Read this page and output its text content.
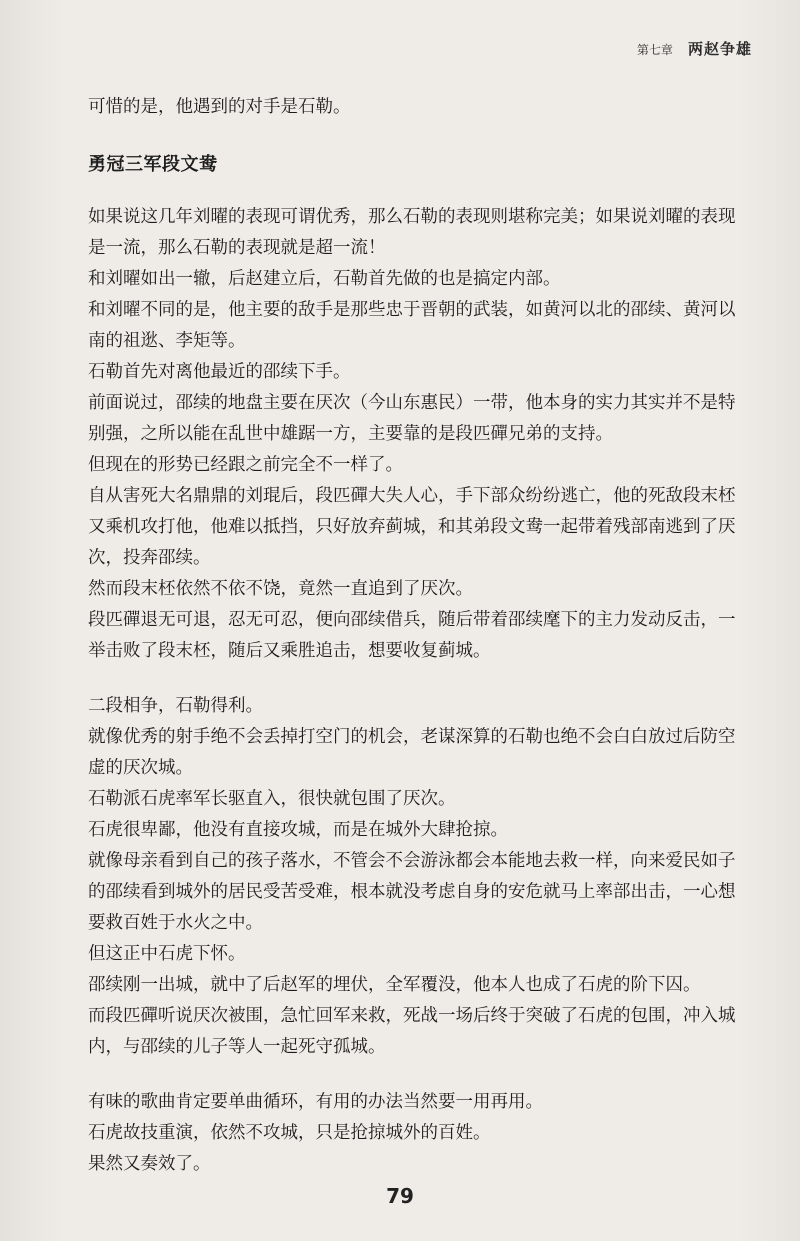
第七章 两赵争雄

可惜的是，他遇到的对手是石勒。

勇冠三军段文鸯

如果说这几年刘曜的表现可谓优秀，那么石勒的表现则堪称完美；如果说刘曜的表现是一流，那么石勒的表现就是超一流！

和刘曜如出一辙，后赵建立后，石勒首先做的也是搞定内部。

和刘曜不同的是，他主要的敌手是那些忠于晋朝的武装，如黄河以北的邵续、黄河以南的祖逖、李矩等。

石勒首先对离他最近的邵续下手。

前面说过，邵续的地盘主要在厌次（今山东惠民）一带，他本身的实力其实并不是特别强，之所以能在乱世中雄踞一方，主要靠的是段匹磾兄弟的支持。

但现在的形势已经跟之前完全不一样了。

自从害死大名鼎鼎的刘琨后，段匹磾大失人心，手下部众纷纷逃亡，他的死敌段末柸又乘机攻打他，他难以抵挡，只好放弃蓟城，和其弟段文鸯一起带着残部南逃到了厌次，投奔邵续。

然而段末柸依然不依不饶，竟然一直追到了厌次。

段匹磾退无可退，忍无可忍，便向邵续借兵，随后带着邵续麾下的主力发动反击，一举击败了段末柸，随后又乘胜追击，想要收复蓟城。

二段相争，石勒得利。

就像优秀的射手绝不会丢掉打空门的机会，老谋深算的石勒也绝不会白白放过后防空虚的厌次城。

石勒派石虎率军长驱直入，很快就包围了厌次。

石虎很卑鄙，他没有直接攻城，而是在城外大肆抢掠。

就像母亲看到自己的孩子落水，不管会不会游泳都会本能地去救一样，向来爱民如子的邵续看到城外的居民受苦受难，根本就没考虑自身的安危就马上率部出击，一心想要救百姓于水火之中。

但这正中石虎下怀。

邵续刚一出城，就中了后赵军的埋伏，全军覆没，他本人也成了石虎的阶下囚。

而段匹磾听说厌次被围，急忙回军来救，死战一场后终于突破了石虎的包围，冲入城内，与邵续的儿子等人一起死守孤城。

有味的歌曲肯定要单曲循环，有用的办法当然要一用再用。

石虎故技重演，依然不攻城，只是抢掠城外的百姓。

果然又奏效了。

79
